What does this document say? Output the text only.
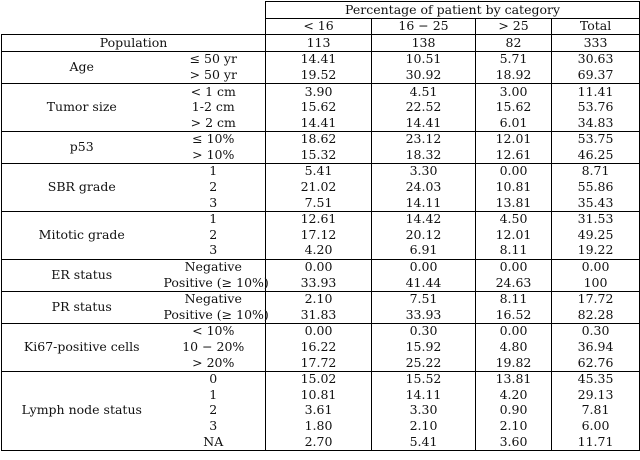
		Percentage of patient by category			
		< 16	16 − 25	> 25	Total
Population		113	138	82	333
Age	≤ 50 yr	14.41	10.51	5.71	30.63
	> 50 yr	19.52	30.92	18.92	69.37
Tumor size	< 1 cm	3.90	4.51	3.00	11.41
	1-2 cm	15.62	22.52	15.62	53.76
	> 2 cm	14.41	14.41	6.01	34.83
p53	≤ 10%	18.62	23.12	12.01	53.75
	> 10%	15.32	18.32	12.61	46.25
SBR grade	1	5.41	3.30	0.00	8.71
	2	21.02	24.03	10.81	55.86
	3	7.51	14.11	13.81	35.43
Mitotic grade	1	12.61	14.42	4.50	31.53
	2	17.12	20.12	12.01	49.25
	3	4.20	6.91	8.11	19.22
ER status	Negative	0.00	0.00	0.00	0.00
	Positive (≥ 10%)	33.93	41.44	24.63	100
PR status	Negative	2.10	7.51	8.11	17.72
	Positive (≥ 10%)	31.83	33.93	16.52	82.28
Ki67-positive cells	< 10%	0.00	0.30	0.00	0.30
	10 − 20%	16.22	15.92	4.80	36.94
	> 20%	17.72	25.22	19.82	62.76
Lymph node status	0	15.02	15.52	13.81	45.35
	1	10.81	14.11	4.20	29.13
	2	3.61	3.30	0.90	7.81
	3	1.80	2.10	2.10	6.00
	NA	2.70	5.41	3.60	11.71
